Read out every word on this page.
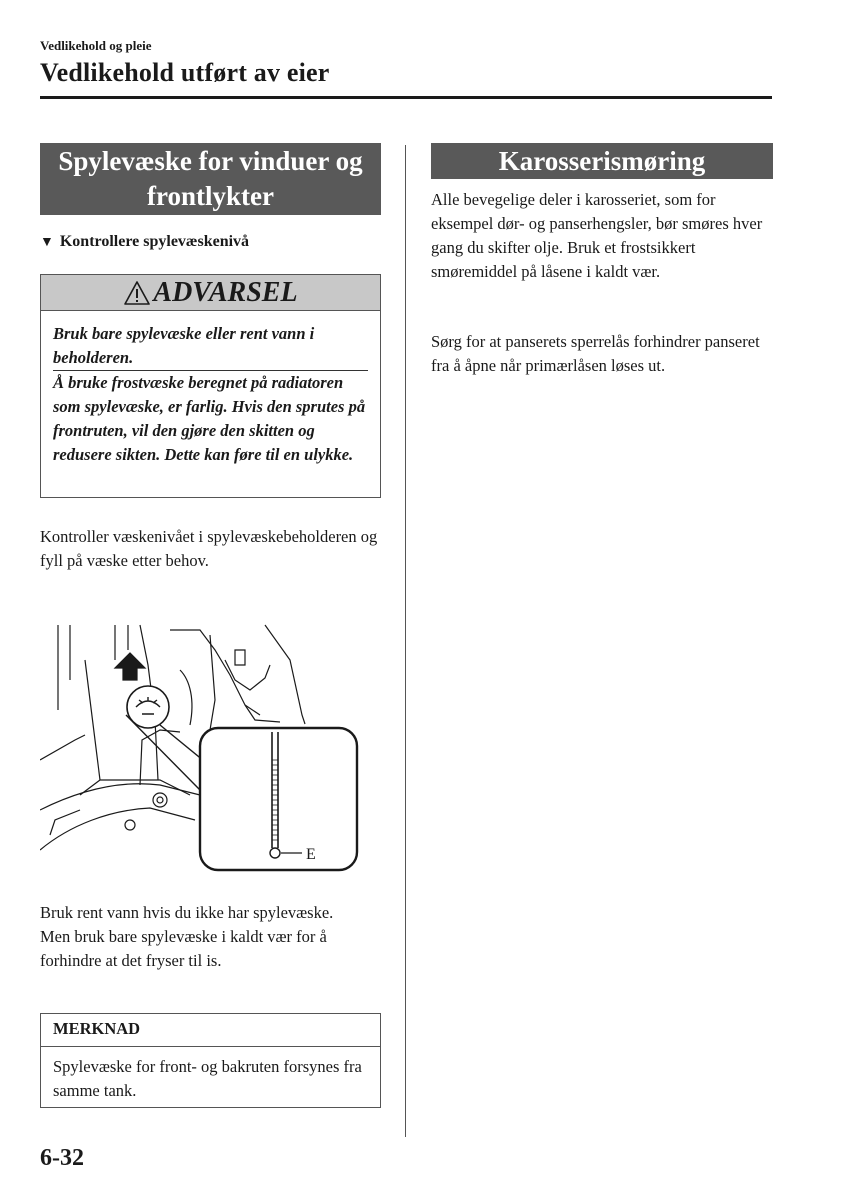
Vedlikehold og pleie
Vedlikehold utført av eier
Spylevæske for vinduer og frontlykter
▼ Kontrollere spylevæskenivå
ADVARSEL
Bruk bare spylevæske eller rent vann i beholderen.
Å bruke frostvæske beregnet på radiatoren som spylevæske, er farlig. Hvis den sprutes på frontruten, vil den gjøre den skitten og redusere sikten. Dette kan føre til en ulykke.
Kontroller væskenivået i spylevæskebeholderen og fyll på væske etter behov.
E
Bruk rent vann hvis du ikke har spylevæske.
Men bruk bare spylevæske i kaldt vær for å forhindre at det fryser til is.
MERKNAD
Spylevæske for front- og bakruten forsynes fra samme tank.
Karosserismøring
Alle bevegelige deler i karosseriet, som for eksempel dør- og panserhengsler, bør smøres hver gang du skifter olje. Bruk et frostsikkert smøremiddel på låsene i kaldt vær.
Sørg for at panserets sperrelås forhindrer panseret fra å åpne når primærlåsen løses ut.
6-32
